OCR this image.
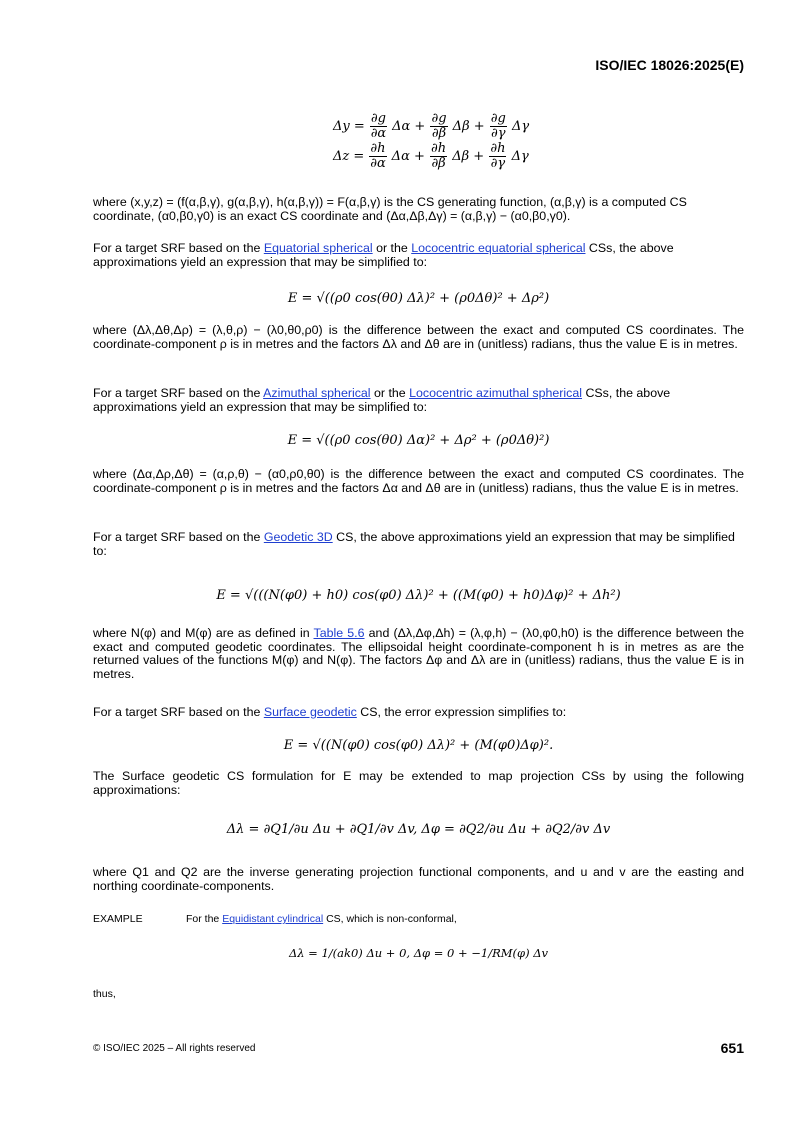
ISO/IEC 18026:2025(E)
$\Delta y = \frac{\partial g}{\partial\alpha}$ $\Delta\alpha + \frac{\partial g}{\partial\beta}$ $\Delta\beta + \frac{\partial g}{\partial\gamma}$ Δγ
$\Delta z = \frac{\partial h}{\partial\alpha}$ $\Delta\alpha + \frac{\partial h}{\partial\beta}$ $\Delta\beta + \frac{\partial h}{\partial\gamma}$ Δγ

where (x,y,z) = (f(α,β,γ), g(α,β,γ), h(α,β,γ)) = F(α,β,γ) is the CS generating function, (α,β,γ) is a computed CS coordinate, (α0,β0,γ0) is an exact CS coordinate and (Δα,Δβ,Δγ) = (α,β,γ) − (α0,β0,γ0).

For a target SRF based on the Equatorial spherical or the Lococentric equatorial spherical CSs, the above approximations yield an expression that may be simplified to:

E = √((ρ0 cos(θ0) Δλ)² + (ρ0Δθ)² + Δρ²)

where (Δλ,Δθ,Δρ) = (λ,θ,ρ) − (λ0,θ0,ρ0) is the difference between the exact and computed CS coordinates. The coordinate-component ρ is in metres and the factors Δλ and Δθ are in (unitless) radians, thus the value E is in metres.

For a target SRF based on the Azimuthal spherical or the Lococentric azimuthal spherical CSs, the above approximations yield an expression that may be simplified to:

E = √((ρ0 cos(θ0) Δα)² + Δρ² + (ρ0Δθ)²)

where (Δα,Δρ,Δθ) = (α,ρ,θ) − (α0,ρ0,θ0) is the difference between the exact and computed CS coordinates. The coordinate-component ρ is in metres and the factors Δα and Δθ are in (unitless) radians, thus the value E is in metres.

For a target SRF based on the Geodetic 3D CS, the above approximations yield an expression that may be simplified to:

E = √(((N(φ0) + h0) cos(φ0) Δλ)² + ((M(φ0) + h0)Δφ)² + Δh²)

where N(φ) and M(φ) are as defined in Table 5.6 and (Δλ,Δφ,Δh) = (λ,φ,h) − (λ0,φ0,h0) is the difference between the exact and computed geodetic coordinates. The ellipsoidal height coordinate-component h is in metres as are the returned values of the functions M(φ) and N(φ). The factors Δφ and Δλ are in (unitless) radians, thus the value E is in metres.

For a target SRF based on the Surface geodetic CS, the error expression simplifies to:

E = √((N(φ0) cos(φ0) Δλ)² + (M(φ0)Δφ)².

The Surface geodetic CS formulation for E may be extended to map projection CSs by using the following approximations:

Δλ = ∂Q1/∂u Δu + ∂Q1/∂v Δv, Δφ = ∂Q2/∂u Δu + ∂Q2/∂v Δv

where Q1 and Q2 are the inverse generating projection functional components, and u and v are the easting and northing coordinate-components.

EXAMPLE	For the Equidistant cylindrical CS, which is non-conformal,
Δλ = 1/(ak0) Δu + 0, Δφ = 0 + −1/RM(φ) Δv
thus,
© ISO/IEC 2025 – All rights reserved	651
